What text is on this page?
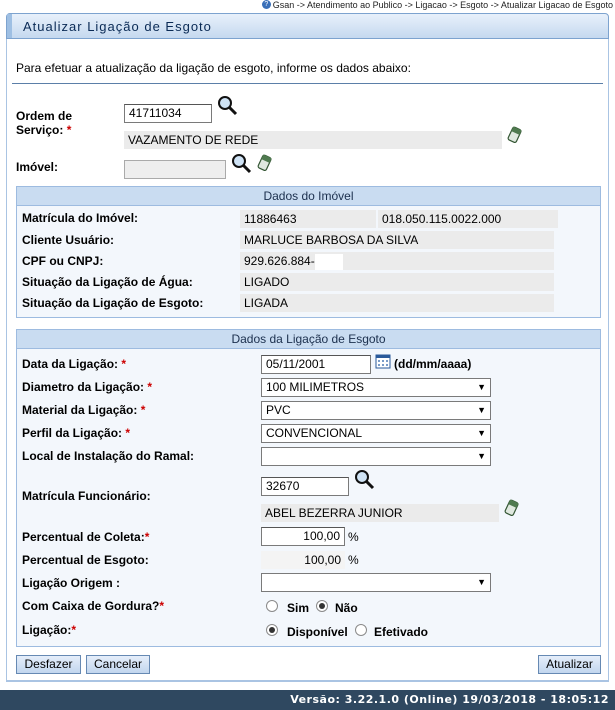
? Gsan -> Atendimento ao Publico -> Ligacao -> Esgoto -> Atualizar Ligacao de Esgoto
Atualizar Ligação de Esgoto
Para efetuar a atualização da ligação de esgoto, informe os dados abaixo:
Ordem de
Serviço: *
41711034
VAZAMENTO DE REDE
Imóvel:
Dados do Imóvel
Matrícula do Imóvel:	11886463	018.050.115.0022.000
Cliente Usuário:	MARLUCE BARBOSA DA SILVA
CPF ou CNPJ:	929.626.884-
Situação da Ligação de Água:	LIGADO
Situação da Ligação de Esgoto:	LIGADA
Dados da Ligação de Esgoto
Data da Ligação: *	05/11/2001	(dd/mm/aaaa)
Diametro da Ligação: *	100 MILIMETROS	▼
Material da Ligação: *	PVC	▼
Perfil da Ligação: *	CONVENCIONAL	▼
Local de Instalação do Ramal:	▼
Matrícula Funcionário:
32670
ABEL BEZERRA JUNIOR
Percentual de Coleta:*	100,00 %
Percentual de Esgoto:	100,00 %
Ligação Origem :	▼
Com Caixa de Gordura?*	Sim Não
Ligação:*	Disponível Efetivado
Desfazer	Cancelar	Atualizar
Versão: 3.22.1.0 (Online) 19/03/2018 - 18:05:12
